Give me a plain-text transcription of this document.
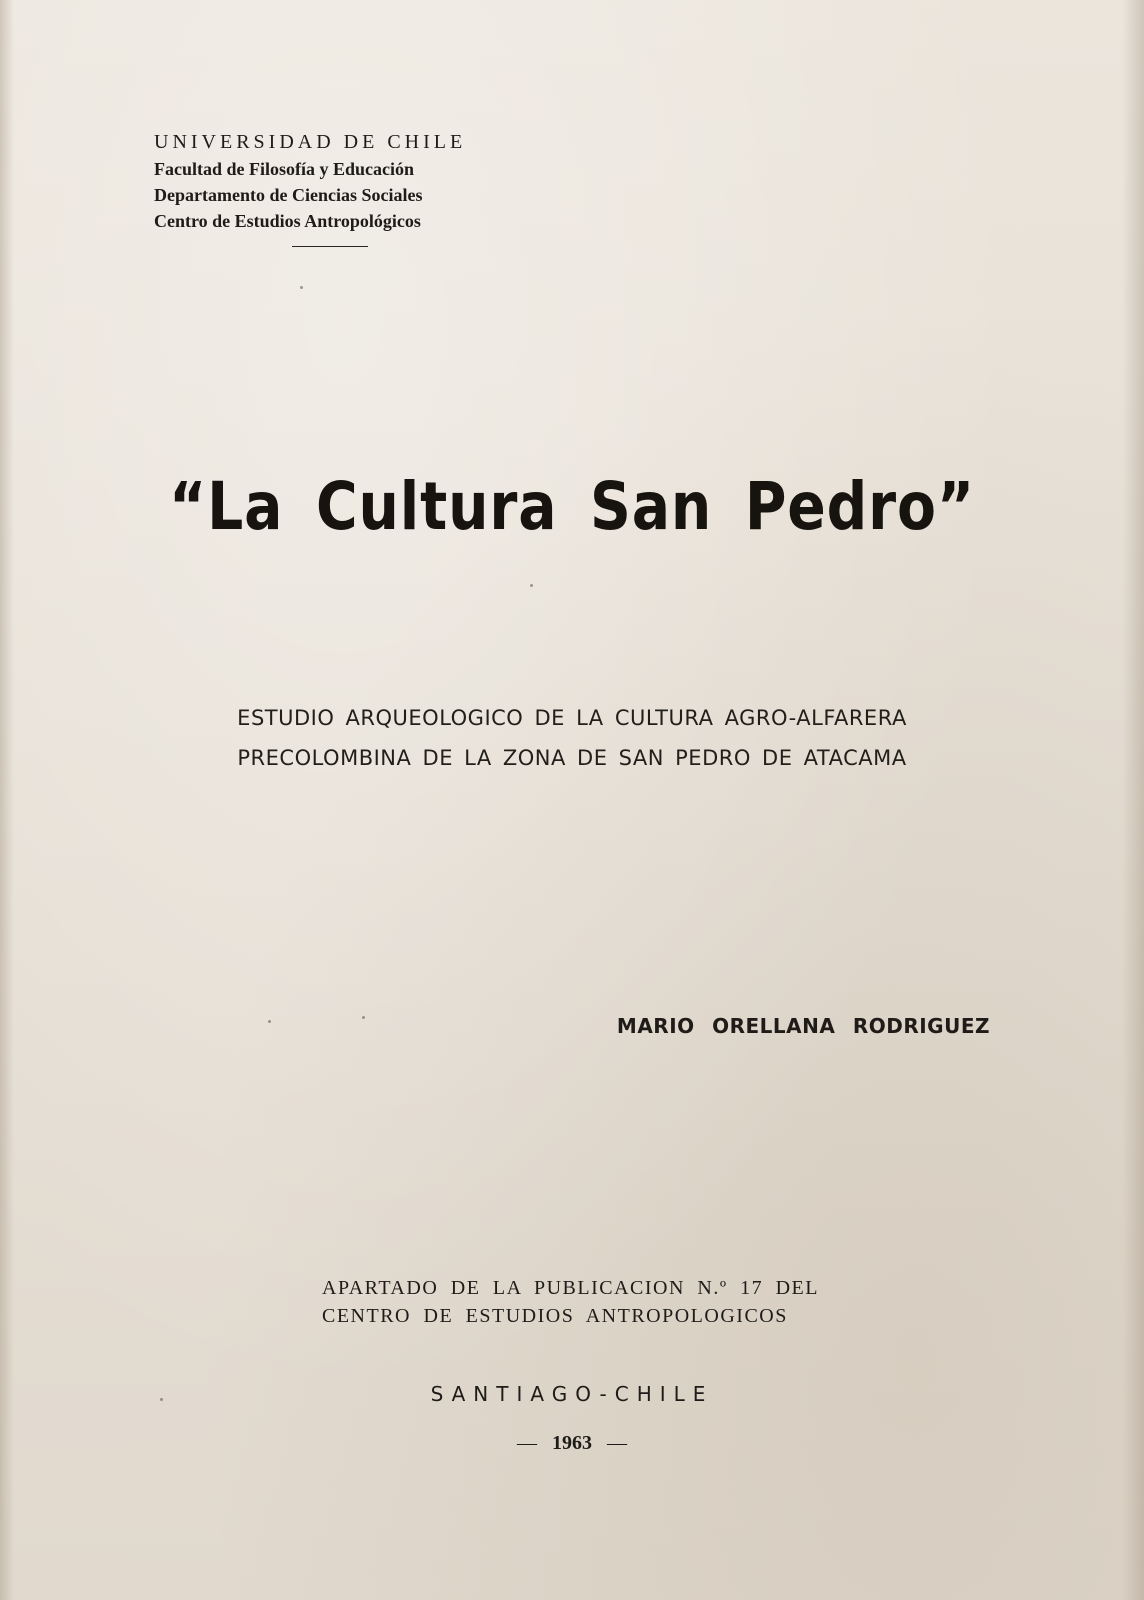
UNIVERSIDAD DE CHILE
Facultad de Filosofía y Educación
Departamento de Ciencias Sociales
Centro de Estudios Antropológicos
“La Cultura San Pedro”
ESTUDIO ARQUEOLOGICO DE LA CULTURA AGRO-ALFARERA
PRECOLOMBINA DE LA ZONA DE SAN PEDRO DE ATACAMA
MARIO ORELLANA RODRIGUEZ
APARTADO DE LA PUBLICACION N.º 17 DEL
CENTRO DE ESTUDIOS ANTROPOLOGICOS
SANTIAGO-CHILE
— 1963 —
